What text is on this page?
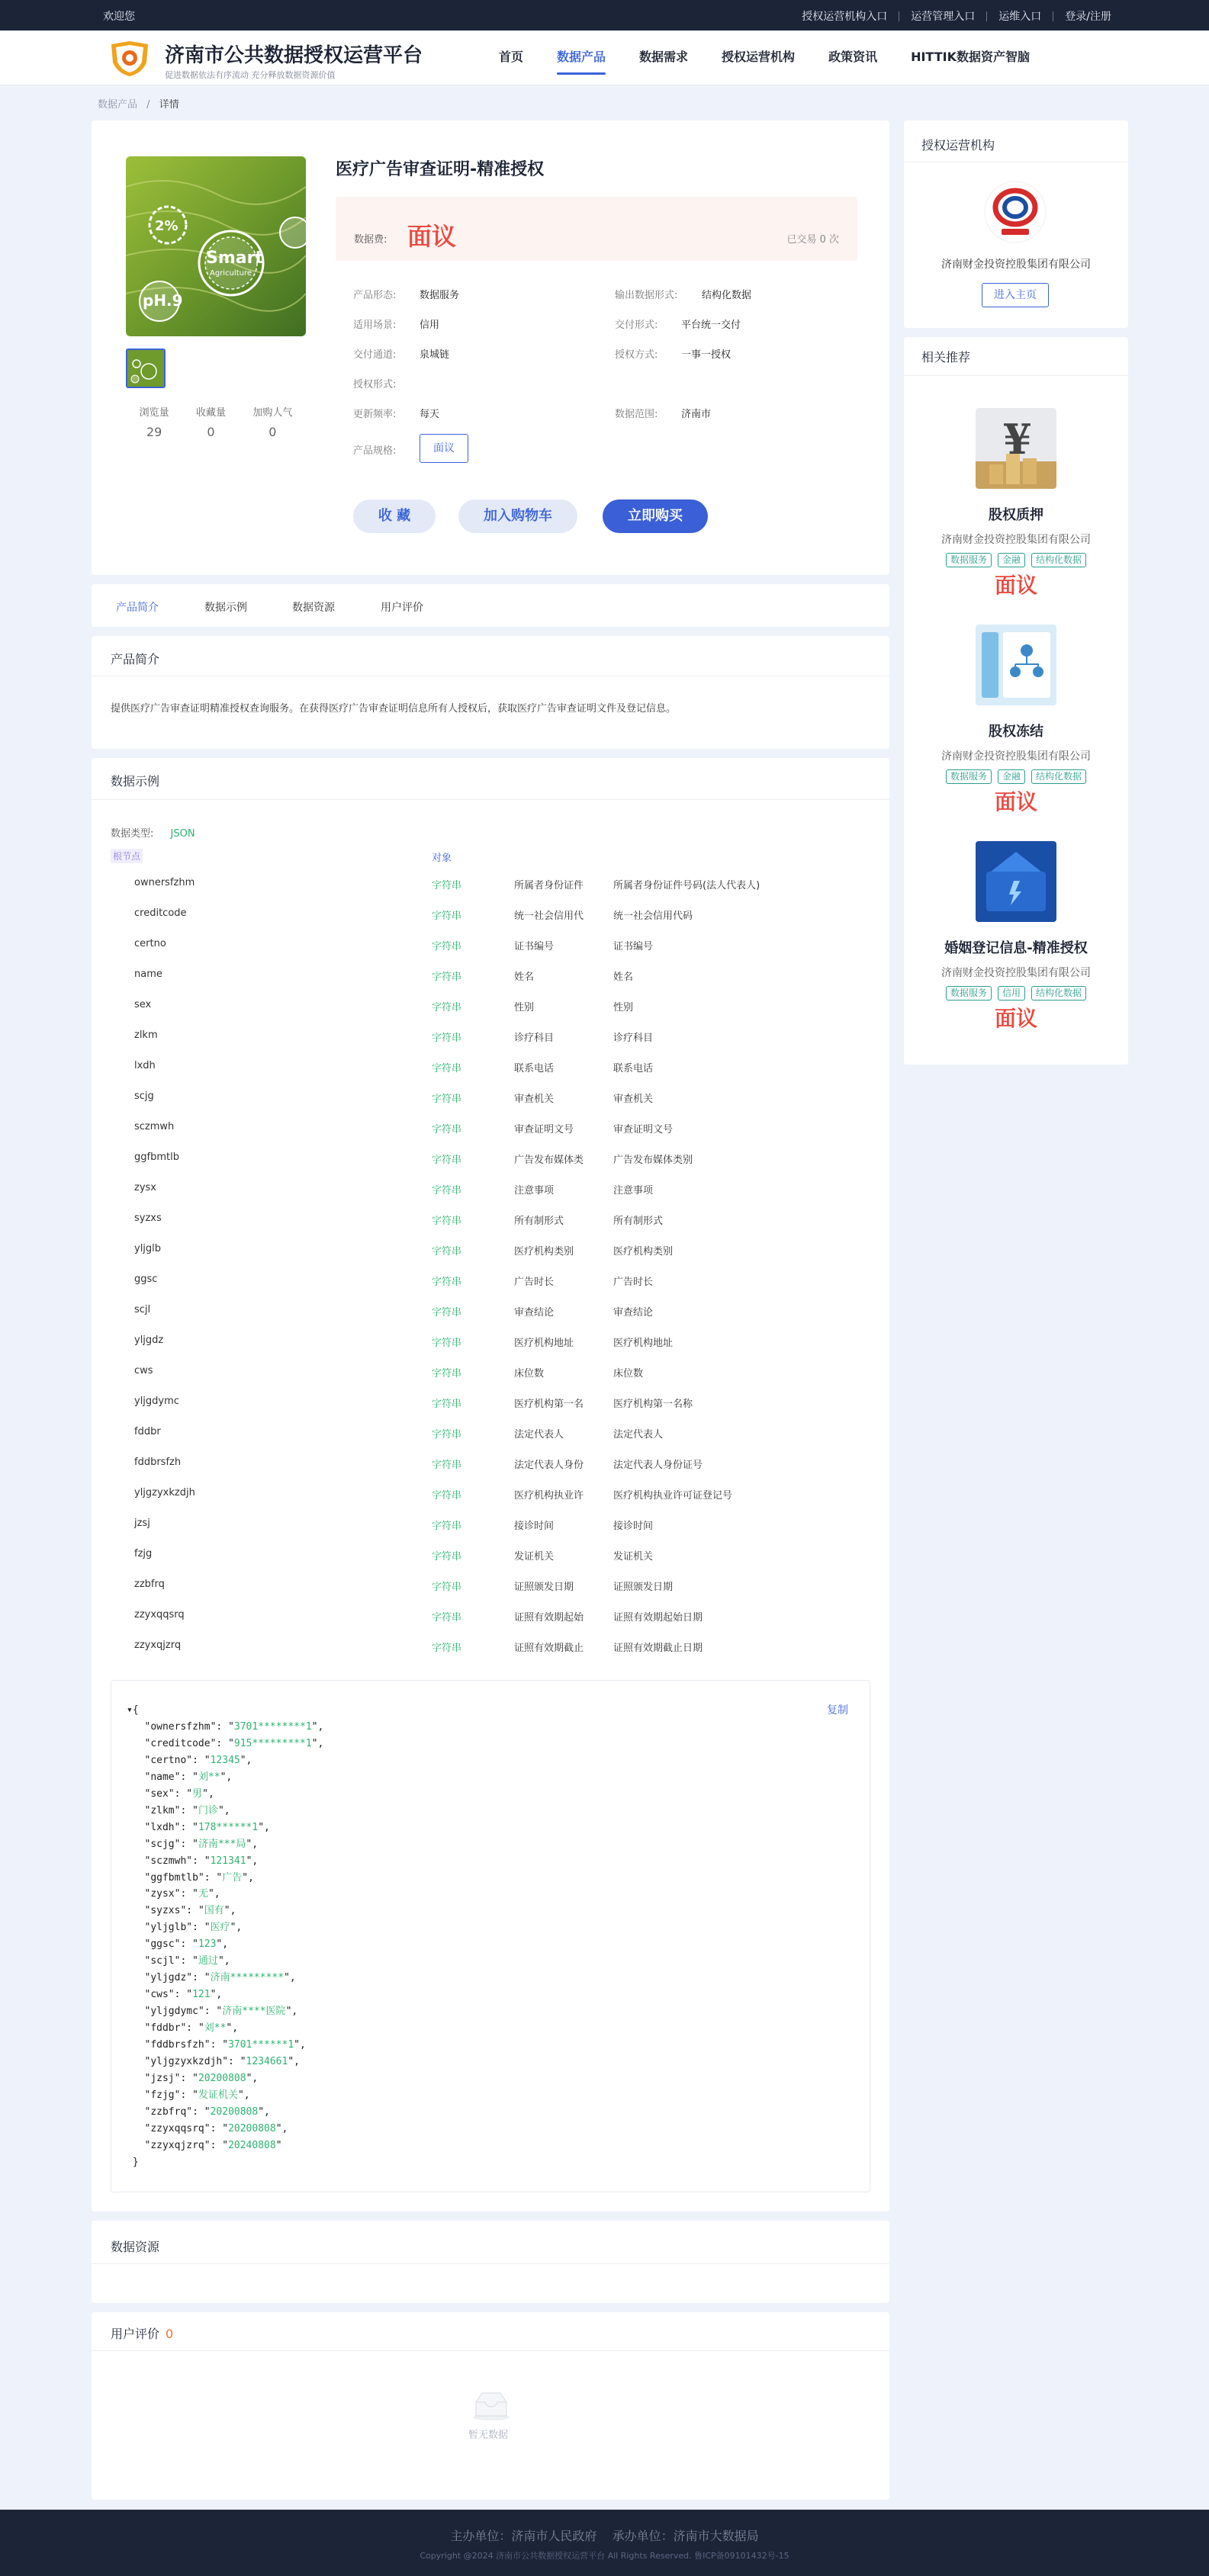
欢迎您	授权运营机构入口	运营管理入口	运维入口	登录/注册
济南市公共数据授权运营平台
促进数据依法有序流动 充分释放数据资源价值
首页	数据产品	数据需求	授权运营机构	政策资讯	HITTIK数据资产智脑
数据产品 / 详情
2%
Smart
Agriculture
pH.9
浏览量
29
收藏量
0
加购人气
0
医疗广告审查证明-精准授权
数据费: 面议	已交易 0 次
产品形态: 数据服务	输出数据形式: 结构化数据
适用场景: 信用	交付形式: 平台统一交付
交付通道: 泉城链	授权方式: 一事一授权
授权形式:
更新频率: 每天	数据范围: 济南市
产品规格:	面议
收 藏	加入购物车	立即购买
产品简介	数据示例	数据资源	用户评价
产品简介
提供医疗广告审查证明精准授权查询服务。在获得医疗广告审查证明信息所有人授权后，获取医疗广告审查证明文件及登记信息。
数据示例
数据类型: JSON
根节点	对象
ownersfzhm	字符串	所属者身份证件	所属者身份证件号码(法人代表人)
creditcode	字符串	统一社会信用代	统一社会信用代码
certno	字符串	证书编号	证书编号
name	字符串	姓名	姓名
sex	字符串	性别	性别
zlkm	字符串	诊疗科目	诊疗科目
lxdh	字符串	联系电话	联系电话
scjg	字符串	审查机关	审查机关
sczmwh	字符串	审查证明文号	审查证明文号
ggfbmtlb	字符串	广告发布媒体类	广告发布媒体类别
zysx	字符串	注意事项	注意事项
syzxs	字符串	所有制形式	所有制形式
yljglb	字符串	医疗机构类别	医疗机构类别
ggsc	字符串	广告时长	广告时长
scjl	字符串	审查结论	审查结论
yljgdz	字符串	医疗机构地址	医疗机构地址
cws	字符串	床位数	床位数
yljgdymc	字符串	医疗机构第一名	医疗机构第一名称
fddbr	字符串	法定代表人	法定代表人
fddbrsfzh	字符串	法定代表人身份	法定代表人身份证号
yljgzyxkzdjh	字符串	医疗机构执业许	医疗机构执业许可证登记号
jzsj	字符串	接诊时间	接诊时间
fzjg	字符串	发证机关	发证机关
zzbfrq	字符串	证照颁发日期	证照颁发日期
zzyxqqsrq	字符串	证照有效期起始	证照有效期起始日期
zzyxqjzrq	字符串	证照有效期截止	证照有效期截止日期
复制
▾{
"ownersfzhm": "3701********1",
"creditcode": "915*********1",
"certno": "12345",
"name": "刘**",
"sex": "男",
"zlkm": "门诊",
"lxdh": "178******1",
"scjg": "济南***局",
"sczmwh": "121341",
"ggfbmtlb": "广告",
"zysx": "无",
"syzxs": "国有",
"yljglb": "医疗",
"ggsc": "123",
"scjl": "通过",
"yljgdz": "济南*********",
"cws": "121",
"yljgdymc": "济南****医院",
"fddbr": "刘**",
"fddbrsfzh": "3701******1",
"yljgzyxkzdjh": "1234661",
"jzsj": "20200808",
"fzjg": "发证机关",
"zzbfrq": "20200808",
"zzyxqqsrq": "20200808",
"zzyxqjzrq": "20240808"
}
数据资源
用户评价 0
暂无数据
授权运营机构
济南财金投资控股集团有限公司
进入主页
相关推荐
¥
股权质押
济南财金投资控股集团有限公司
数据服务	金融	结构化数据
面议
股权冻结
济南财金投资控股集团有限公司
数据服务	金融	结构化数据
面议
婚姻登记信息-精准授权
济南财金投资控股集团有限公司
数据服务	信用	结构化数据
面议
主办单位：济南市人民政府    承办单位：济南市大数据局
Copyright @2024 济南市公共数据授权运营平台 All Rights Reserved. 鲁ICP备09101432号-15
